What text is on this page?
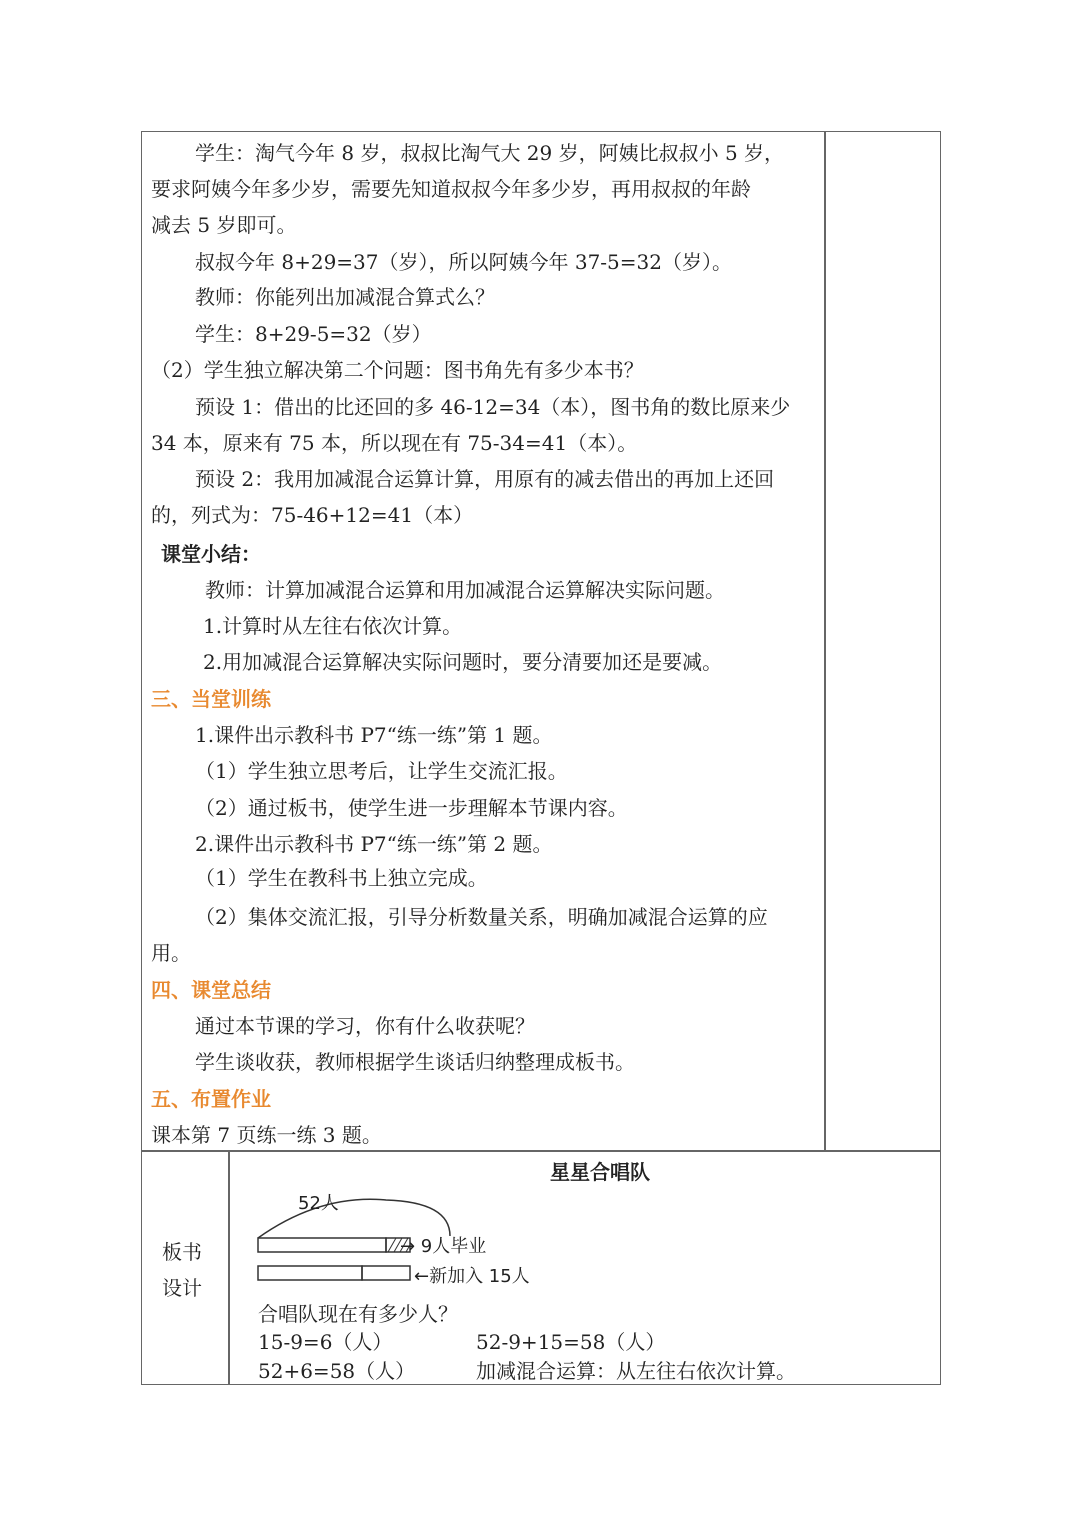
学生：淘气今年 8 岁，叔叔比淘气大 29 岁，阿姨比叔叔小 5 岁，
要求阿姨今年多少岁，需要先知道叔叔今年多少岁，再用叔叔的年龄
减去 5 岁即可。
叔叔今年 8+29=37（岁），所以阿姨今年 37-5=32（岁）。
教师：你能列出加减混合算式么？
学生：8+29-5=32（岁）
（2）学生独立解决第二个问题：图书角先有多少本书？
预设 1：借出的比还回的多 46-12=34（本），图书角的数比原来少
34 本，原来有 75 本，所以现在有 75-34=41（本）。
预设 2：我用加减混合运算计算，用原有的减去借出的再加上还回
的，列式为：75-46+12=41（本）
课堂小结：
教师：计算加减混合运算和用加减混合运算解决实际问题。
1.计算时从左往右依次计算。
2.用加减混合运算解决实际问题时，要分清要加还是要减。
三、当堂训练
1.课件出示教科书 P7“练一练”第 1 题。
（1）学生独立思考后，让学生交流汇报。
（2）通过板书，使学生进一步理解本节课内容。
2.课件出示教科书 P7“练一练”第 2 题。
（1）学生在教科书上独立完成。
（2）集体交流汇报，引导分析数量关系，明确加减混合运算的应
用。
四、课堂总结
通过本节课的学习，你有什么收获呢？
学生谈收获，教师根据学生谈话归纳整理成板书。
五、布置作业
课本第 7 页练一练 3 题。
板书
设计
星星合唱队
52人
→ 9人毕业
←新加入 15人
合唱队现在有多少人？
15-9=6（人）	52-9+15=58（人）
52+6=58（人）	加减混合运算：从左往右依次计算。
